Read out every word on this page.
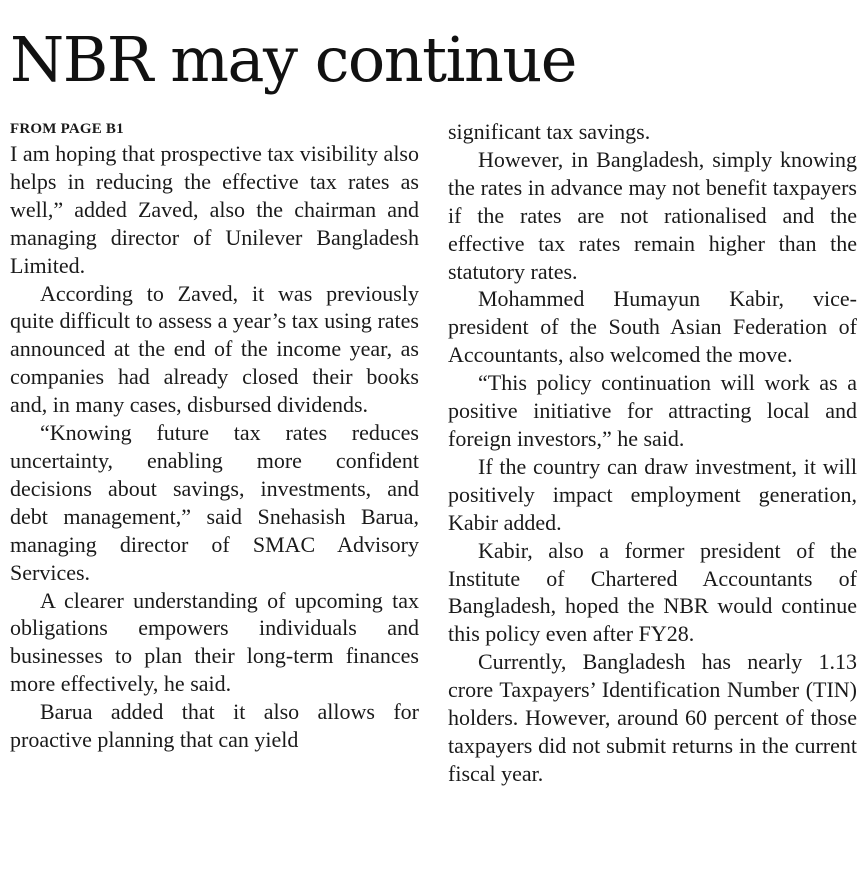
NBR may continue
FROM PAGE B1

I am hoping that prospective tax visibility also helps in reducing the effective tax rates as well,” added Zaved, also the chairman and managing director of Unilever Bangladesh Limited.

According to Zaved, it was previously quite difficult to assess a year’s tax using rates announced at the end of the income year, as companies had already closed their books and, in many cases, disbursed dividends.

“Knowing future tax rates reduces uncertainty, enabling more confident decisions about savings, investments, and debt management,” said Snehasish Barua, managing director of SMAC Advisory Services.

A clearer understanding of upcoming tax obligations empowers individuals and businesses to plan their long-term finances more effectively, he said.

Barua added that it also allows for proactive planning that can yield

significant tax savings.

However, in Bangladesh, simply knowing the rates in advance may not benefit taxpayers if the rates are not rationalised and the effective tax rates remain higher than the statutory rates.

Mohammed Humayun Kabir, vice-president of the South Asian Federation of Accountants, also welcomed the move.

“This policy continuation will work as a positive initiative for attracting local and foreign investors,” he said.

If the country can draw investment, it will positively impact employment generation, Kabir added.

Kabir, also a former president of the Institute of Chartered Accountants of Bangladesh, hoped the NBR would continue this policy even after FY28.

Currently, Bangladesh has nearly 1.13 crore Taxpayers’ Identification Number (TIN) holders. However, around 60 percent of those taxpayers did not submit returns in the current fiscal year.
